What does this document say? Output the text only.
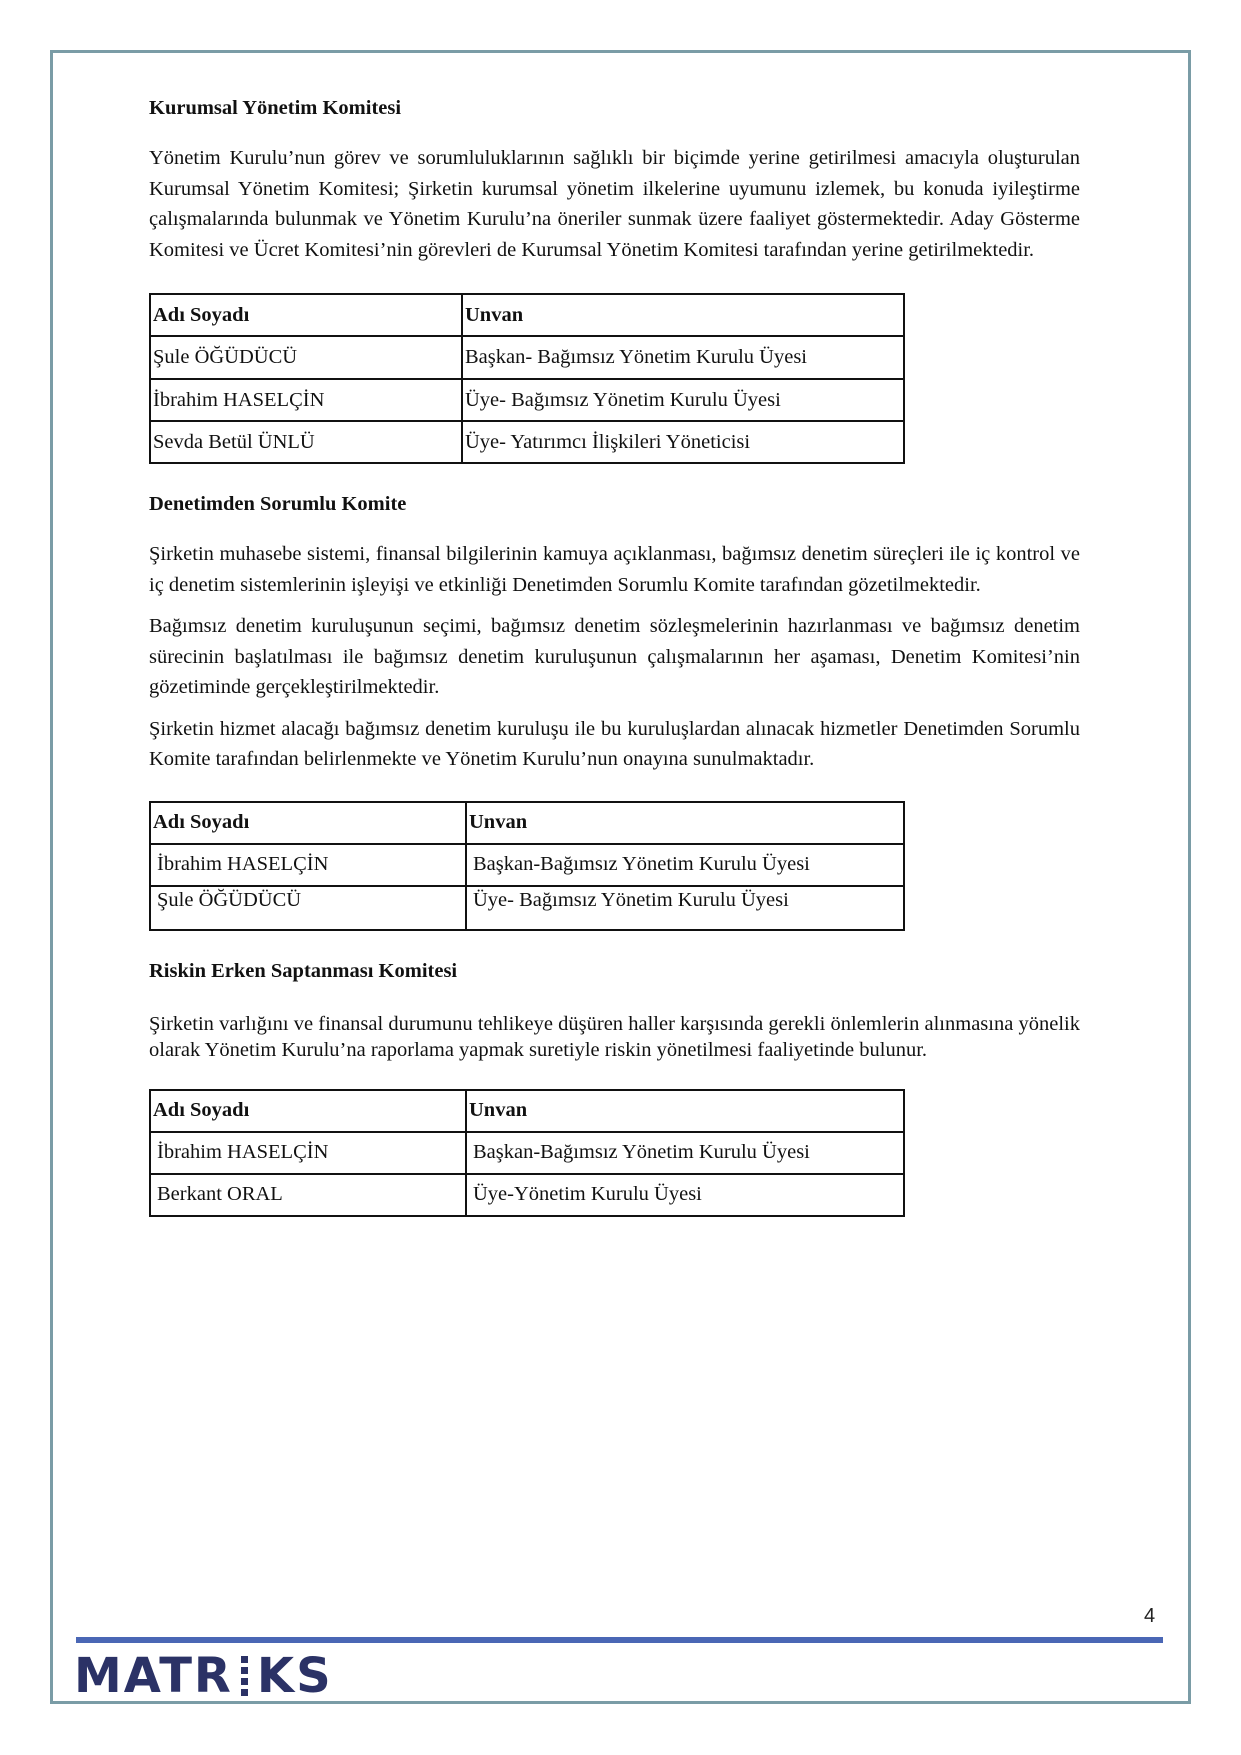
Kurumsal Yönetim Komitesi

Yönetim Kurulu’nun görev ve sorumluluklarının sağlıklı bir biçimde yerine getirilmesi amacıyla oluşturulan Kurumsal Yönetim Komitesi; Şirketin kurumsal yönetim ilkelerine uyumunu izlemek, bu konuda iyileştirme çalışmalarında bulunmak ve Yönetim Kurulu’na öneriler sunmak üzere faaliyet göstermektedir. Aday Gösterme Komitesi ve Ücret Komitesi’nin görevleri de Kurumsal Yönetim Komitesi tarafından yerine getirilmektedir.

Adı Soyadı	Unvan
Şule ÖĞÜDÜCÜ	Başkan- Bağımsız Yönetim Kurulu Üyesi
İbrahim HASELÇİN	Üye- Bağımsız Yönetim Kurulu Üyesi
Sevda Betül ÜNLÜ	Üye- Yatırımcı İlişkileri Yöneticisi
Denetimden Sorumlu Komite

Şirketin muhasebe sistemi, finansal bilgilerinin kamuya açıklanması, bağımsız denetim süreçleri ile iç kontrol ve iç denetim sistemlerinin işleyişi ve etkinliği Denetimden Sorumlu Komite tarafından gözetilmektedir.

Bağımsız denetim kuruluşunun seçimi, bağımsız denetim sözleşmelerinin hazırlanması ve bağımsız denetim sürecinin başlatılması ile bağımsız denetim kuruluşunun çalışmalarının her aşaması, Denetim Komitesi’nin gözetiminde gerçekleştirilmektedir.

Şirketin hizmet alacağı bağımsız denetim kuruluşu ile bu kuruluşlardan alınacak hizmetler Denetimden Sorumlu Komite tarafından belirlenmekte ve Yönetim Kurulu’nun onayına sunulmaktadır.

Adı Soyadı	Unvan
İbrahim HASELÇİN	Başkan-Bağımsız Yönetim Kurulu Üyesi
Şule ÖĞÜDÜCÜ	Üye- Bağımsız Yönetim Kurulu Üyesi
Riskin Erken Saptanması Komitesi

Şirketin varlığını ve finansal durumunu tehlikeye düşüren haller karşısında gerekli önlemlerin alınmasına yönelik olarak Yönetim Kurulu’na raporlama yapmak suretiyle riskin yönetilmesi faaliyetinde bulunur.

Adı Soyadı	Unvan
İbrahim HASELÇİN	Başkan-Bağımsız Yönetim Kurulu Üyesi
Berkant ORAL	Üye-Yönetim Kurulu Üyesi
4
MATR KS
